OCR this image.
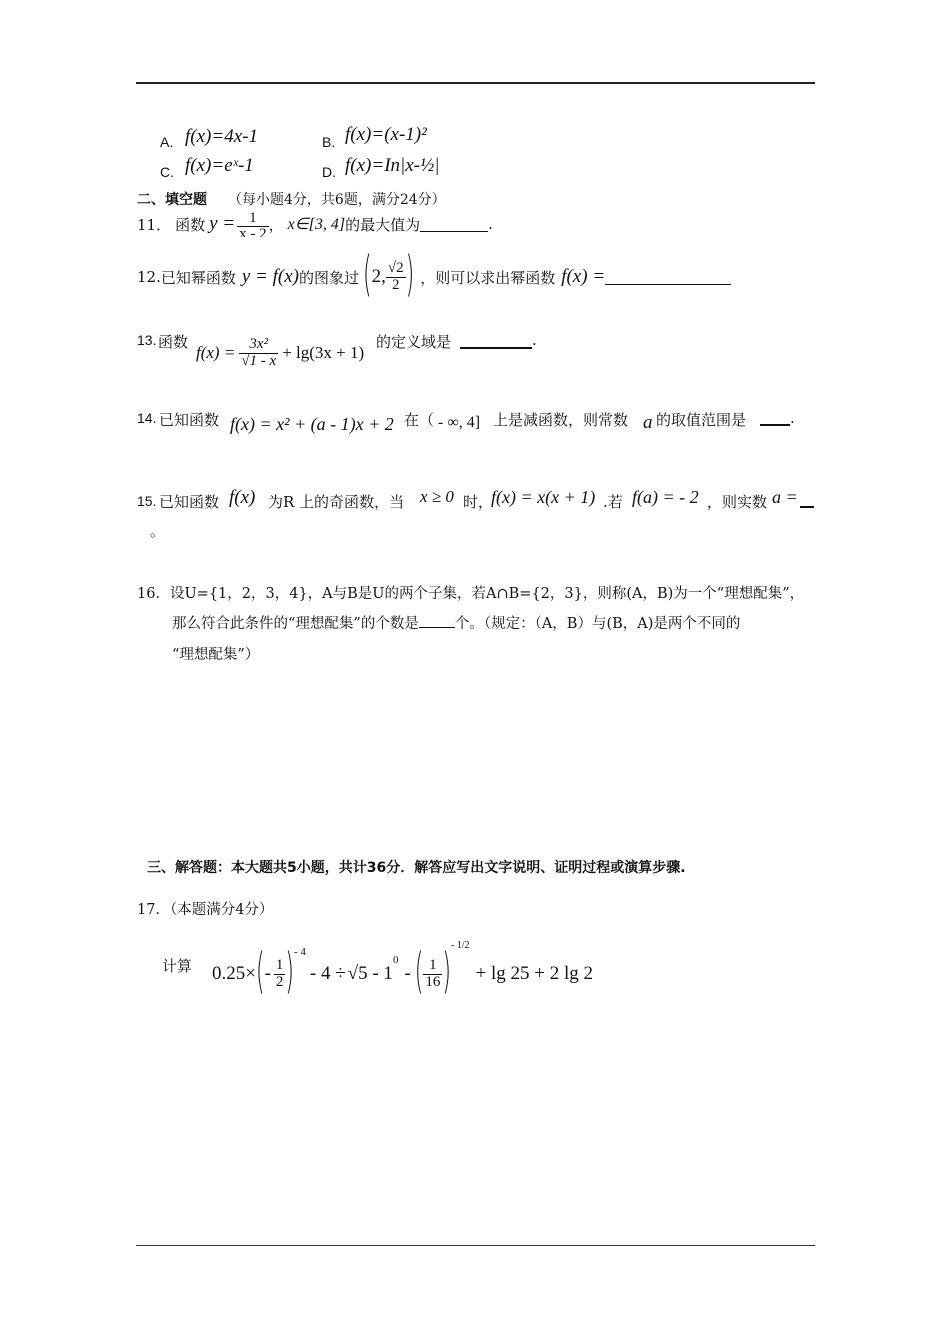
A. f(x)=4x-1	B. f(x)=(x-1)²
C. f(x)=eˣ-1	D. f(x)=In|x-½|
二、填空题 （每小题4分，共6题，满分24分）
11． 函数 $y = \frac{1}{x - 2}$ ， x∈[3, 4] 的最大值为	.
12. 已知幂函数 y = f(x) 的图象过 ( 2, $\frac{√2}{2}$ ) ，则可以求出幂函数 f(x) =
13. 函数
$f(x) = \frac{\text{3x²}}{√1 - x} + \lg(3x + 1)$
的定义域是	.
14. 已知函数 f(x) = x² + (a - 1)x + 2 在（ - ∞, 4] 上是减函数，则常数 a 的取值范围是	.
15. 已知函数 f(x) 为R 上的奇函数，当 x ≥ 0 时，
f(x) = x(x + 1) .若 f(a) = - 2 ，则实数 a =
。
16．设U={1，2，3，4}，A与B是U的两个子集，若A∩B={2，3}，则称(A，B)为一个“理想配集”，
那么符合此条件的“理想配集”的个数是 个。（规定：（A，B）与(B，A)是两个不同的
“理想配集”）
三、解答题：本大题共5小题，共计36分．解答应写出文字说明、证明过程或演算步骤.
17．（本题满分4分）
计算 0.25× ( - $\frac{1}{2}$ ) - 4
- 4 ÷ √5 - 1
0
- ( $\frac{1}{16}$ ) - 1/2
+ lg 25 + 2 lg 2
